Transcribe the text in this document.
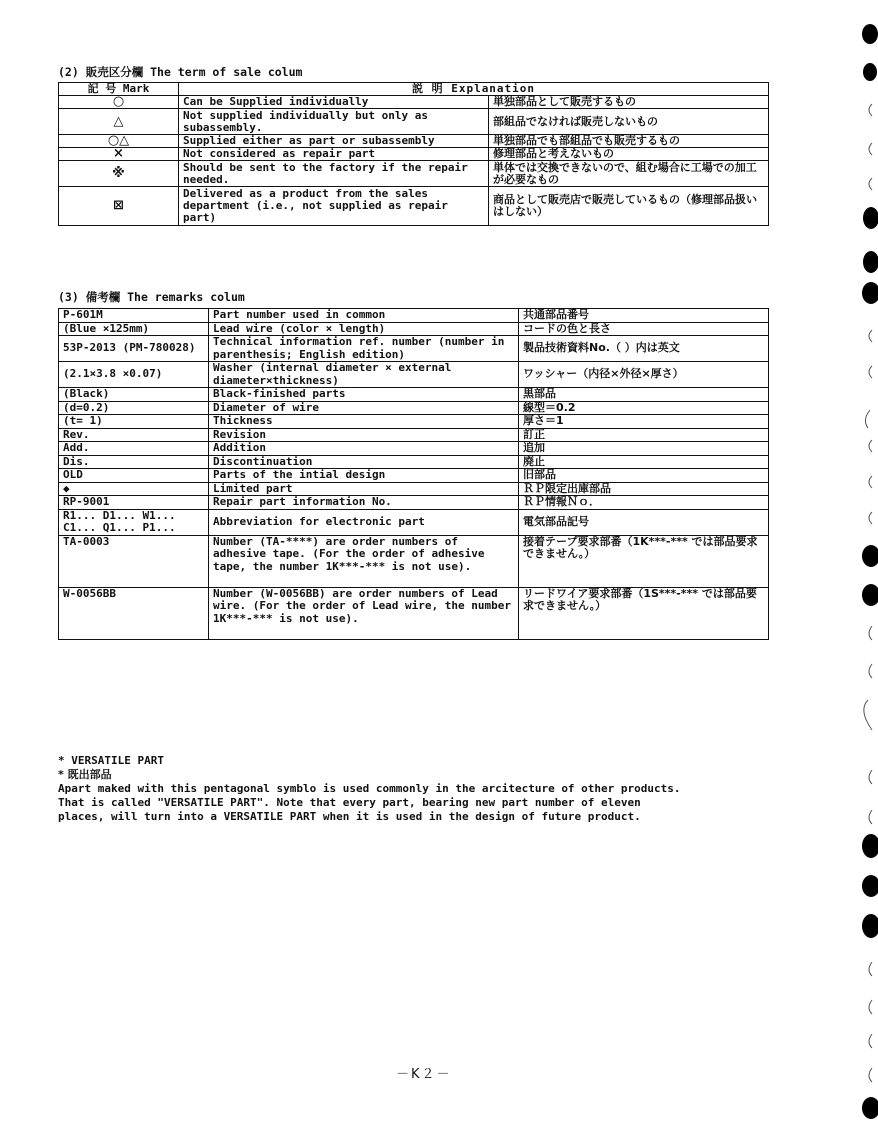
(2) 販売区分欄 The term of sale colum
記 号 Mark	説 明 Explanation	
○	Can be Supplied individually	単独部品として販売するもの
△	Not supplied individually but only as subassembly.	部組品でなければ販売しないもの
○△	Supplied either as part or subassembly	単独部品でも部組品でも販売するもの
×	Not considered as repair part	修理部品と考えないもの
※	Should be sent to the factory if the repair needed.	単体では交換できないので、組む場合に工場での加工が必要なもの
⊠	Delivered as a product from the sales department (i.e., not supplied as repair part)	商品として販売店で販売しているもの（修理部品扱いはしない）
(3) 備考欄 The remarks colum
P-601M	Part number used in common	共通部品番号
(Blue ×125mm)	Lead wire (color × length)	コードの色と長さ
53P-2013 (PM-780028)	Technical information ref. number (number in parenthesis; English edition)	製品技術資料No.（ ）内は英文
(2.1×3.8 ×0.07)	Washer (internal diameter × external diameter×thickness)	ワッシャー（内径×外径×厚さ）
(Black)	Black-finished parts	黒部品
(d=0.2)	Diameter of wire	線型＝0.2
(t= 1)	Thickness	厚さ＝1
Rev.	Revision	訂正
Add.	Addition	追加
Dis.	Discontinuation	廃止
OLD	Parts of the intial design	旧部品
◆	Limited part	ＲＰ限定出庫部品
RP-9001	Repair part information No.	ＲＰ情報Ｎｏ．
R1... D1... W1... C1... Q1... P1...	Abbreviation for electronic part	電気部品記号
TA-0003	Number (TA-****) are order numbers of adhesive tape. (For the order of adhesive tape, the number 1K***-*** is not use).	接着テープ要求部番（1K***-*** では部品要求できません。）
W-0056BB	Number (W-0056BB) are order numbers of Lead wire. (For the order of Lead wire, the number 1K***-*** is not use).	リードワイア要求部番（1S***-*** では部品要求できません。）
* VERSATILE PART
* 既出部品
Apart maked with this pentagonal symblo is used commonly in the arcitecture of other products.
That is called "VERSATILE PART". Note that every part, bearing new part number of eleven
places, will turn into a VERSATILE PART when it is used in the design of future product.
－K２－
